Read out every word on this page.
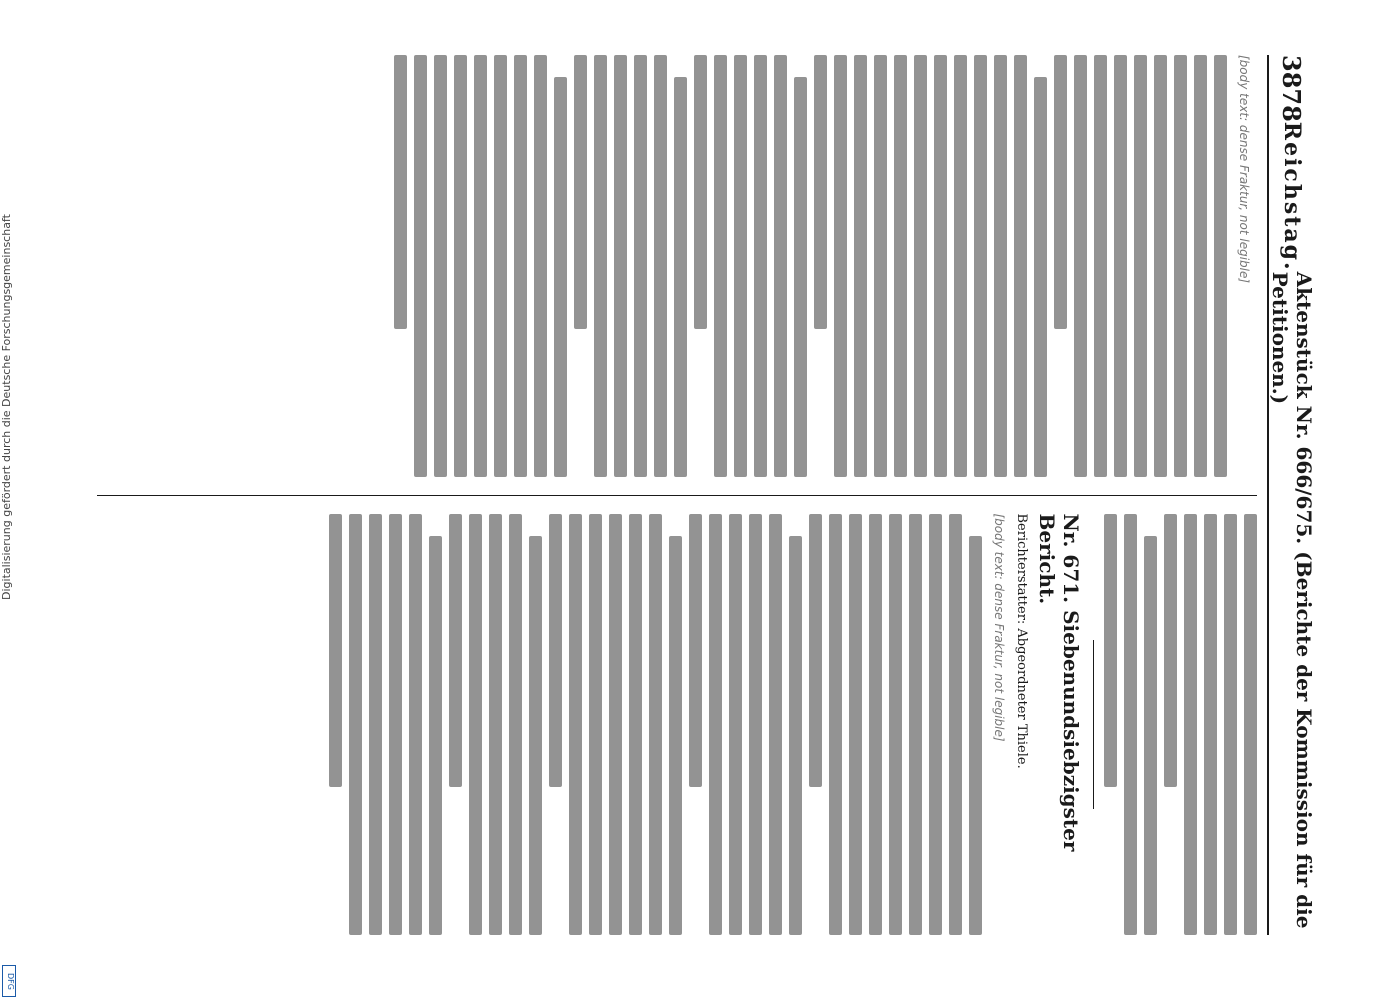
Digitalisierung gefördert durch die Deutsche Forschungsgemeinschaft
DFG
3878
Reichstag.
Aktenstück Nr. 666/675. (Berichte der Kommission für die Petitionen.)
[body text: dense Fraktur, not legible]
Nr. 671. Siebenundsiebzigster Bericht.
Berichterstatter: Abgeordneter Thiele.
[body text: dense Fraktur, not legible]
